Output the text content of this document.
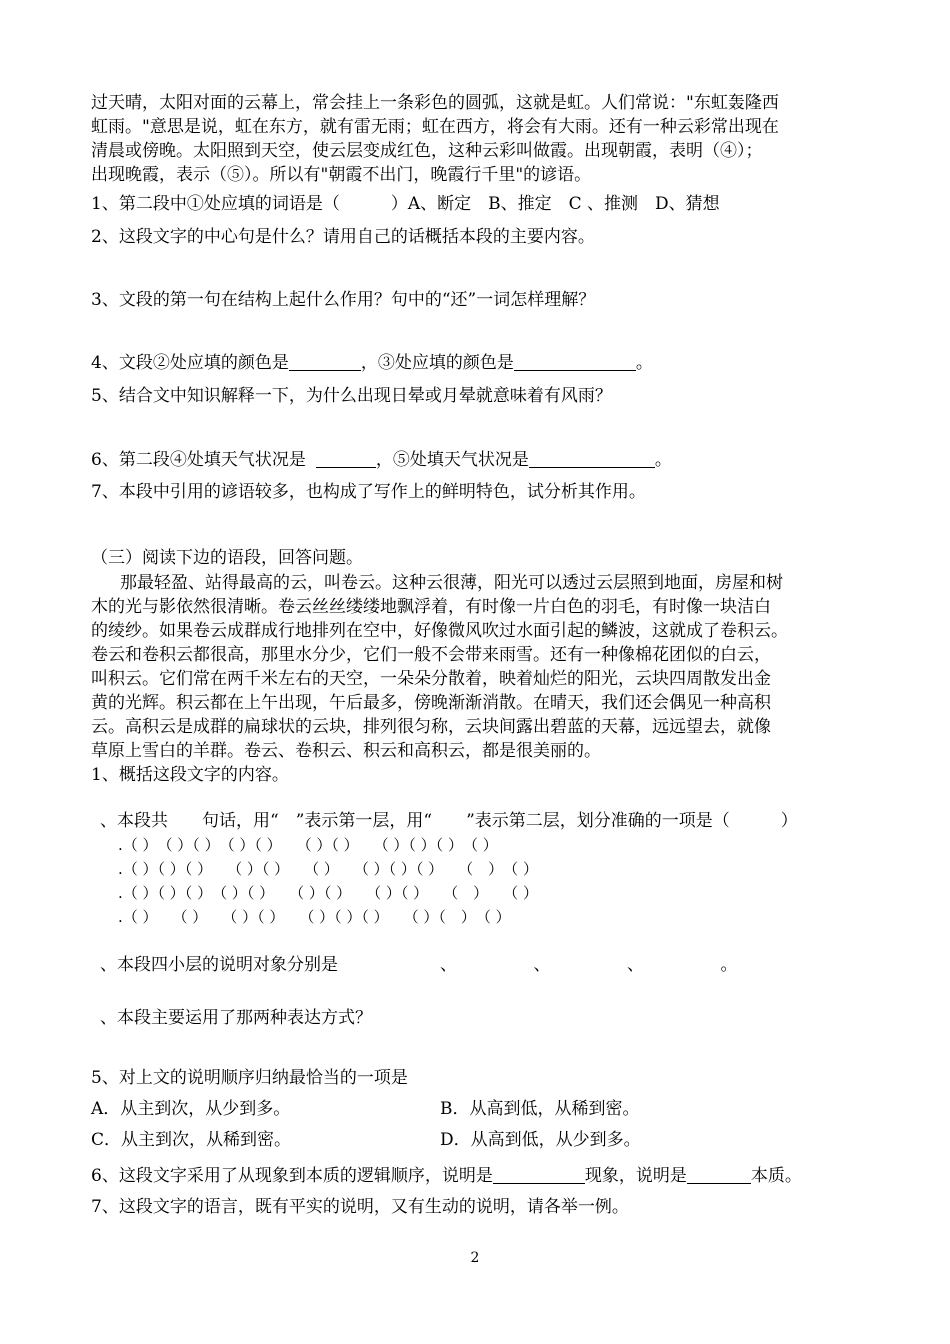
过天晴，太阳对面的云幕上，常会挂上一条彩色的圆弧，这就是虹。人们常说："东虹轰隆西
虹雨。"意思是说，虹在东方，就有雷无雨；虹在西方，将会有大雨。还有一种云彩常出现在
清晨或傍晚。太阳照到天空，使云层变成红色，这种云彩叫做霞。出现朝霞，表明（④）；
出现晚霞，表示（⑤）。所以有"朝霞不出门，晚霞行千里"的谚语。
1、第二段中①处应填的词语是（　　　）A、断定　B、推定　C 、推测　D、猜想
2、这段文字的中心句是什么？请用自己的话概括本段的主要内容。
3、文段的第一句在结构上起什么作用？句中的“还”一词怎样理解？
4、文段②处应填的颜色是	，③处应填的颜色是	。
5、结合文中知识解释一下，为什么出现日晕或月晕就意味着有风雨？
6、第二段④处填天气状况是	，⑤处填天气状况是	。
7、本段中引用的谚语较多，也构成了写作上的鲜明特色，试分析其作用。
（三）阅读下边的语段，回答问题。
那最轻盈、站得最高的云，叫卷云。这种云很薄，阳光可以透过云层照到地面，房屋和树
木的光与影依然很清晰。卷云丝丝缕缕地飘浮着，有时像一片白色的羽毛，有时像一块洁白
的绫纱。如果卷云成群成行地排列在空中，好像微风吹过水面引起的鳞波，这就成了卷积云。
卷云和卷积云都很高，那里水分少，它们一般不会带来雨雪。还有一种像棉花团似的白云，
叫积云。它们常在两千米左右的天空，一朵朵分散着，映着灿烂的阳光，云块四周散发出金
黄的光辉。积云都在上午出现，午后最多，傍晚渐渐消散。在晴天，我们还会偶见一种高积
云。高积云是成群的扁球状的云块，排列很匀称，云块间露出碧蓝的天幕，远远望去，就像
草原上雪白的羊群。卷云、卷积云、积云和高积云，都是很美丽的。
1、概括这段文字的内容。
、本段共　　句话，用“　”表示第一层，用“　　”表示第二层，划分准确的一项是（　　　）
.（ ）　（ ）（ ）　（ ）（ ）　　（ ）（ ）　　（ ）（ ）（ ）　（ ）
.（ ）（ ）（ ）　　（ ）（ ）　　（ ）　　（ ）（ ）（ ）　　（　）　（ ）
.（ ）（ ）（ ）　（ ）（ ）　　（ ）（ ）　　（ ）（ ）　　（　）　　（ ）
.（ ）　　（ ）　　（ ）（ ）　　（ ）（ ）（ ）　　（ ）（　）　（ ）
、本段四小层的说明对象分别是　　　　　　、　　　　　、　　　　　、　　　　　。
、本段主要运用了那两种表达方式？
5、对上文的说明顺序归纳最恰当的一项是
A．从主到次，从少到多。	B．从高到低，从稀到密。
C．从主到次，从稀到密。	D．从高到低，从少到多。
6、这段文字采用了从现象到本质的逻辑顺序，说明是	现象，说明是	本质。
7、这段文字的语言，既有平实的说明，又有生动的说明，请各举一例。
2
